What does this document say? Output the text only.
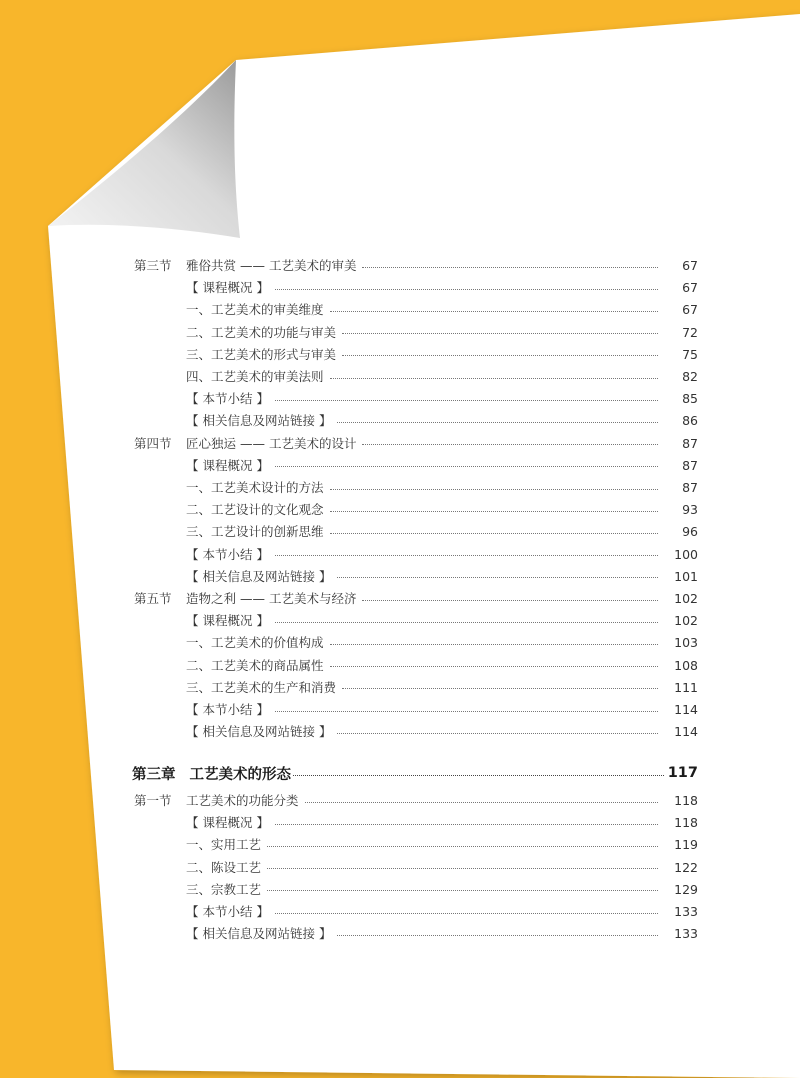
第三节 雅俗共赏 —— 工艺美术的审美	67
【 课程概况 】	67
一、工艺美术的审美维度	67
二、工艺美术的功能与审美	72
三、工艺美术的形式与审美	75
四、工艺美术的审美法则	82
【 本节小结 】	85
【 相关信息及网站链接 】	86
第四节 匠心独运 —— 工艺美术的设计	87
【 课程概况 】	87
一、工艺美术设计的方法	87
二、工艺设计的文化观念	93
三、工艺设计的创新思维	96
【 本节小结 】	100
【 相关信息及网站链接 】	101
第五节 造物之利 —— 工艺美术与经济	102
【 课程概况 】	102
一、工艺美术的价值构成	103
二、工艺美术的商品属性	108
三、工艺美术的生产和消费	111
【 本节小结 】	114
【 相关信息及网站链接 】	114
第三章 工艺美术的形态	117
第一节 工艺美术的功能分类	118
【 课程概况 】	118
一、实用工艺	119
二、陈设工艺	122
三、宗教工艺	129
【 本节小结 】	133
【 相关信息及网站链接 】	133
